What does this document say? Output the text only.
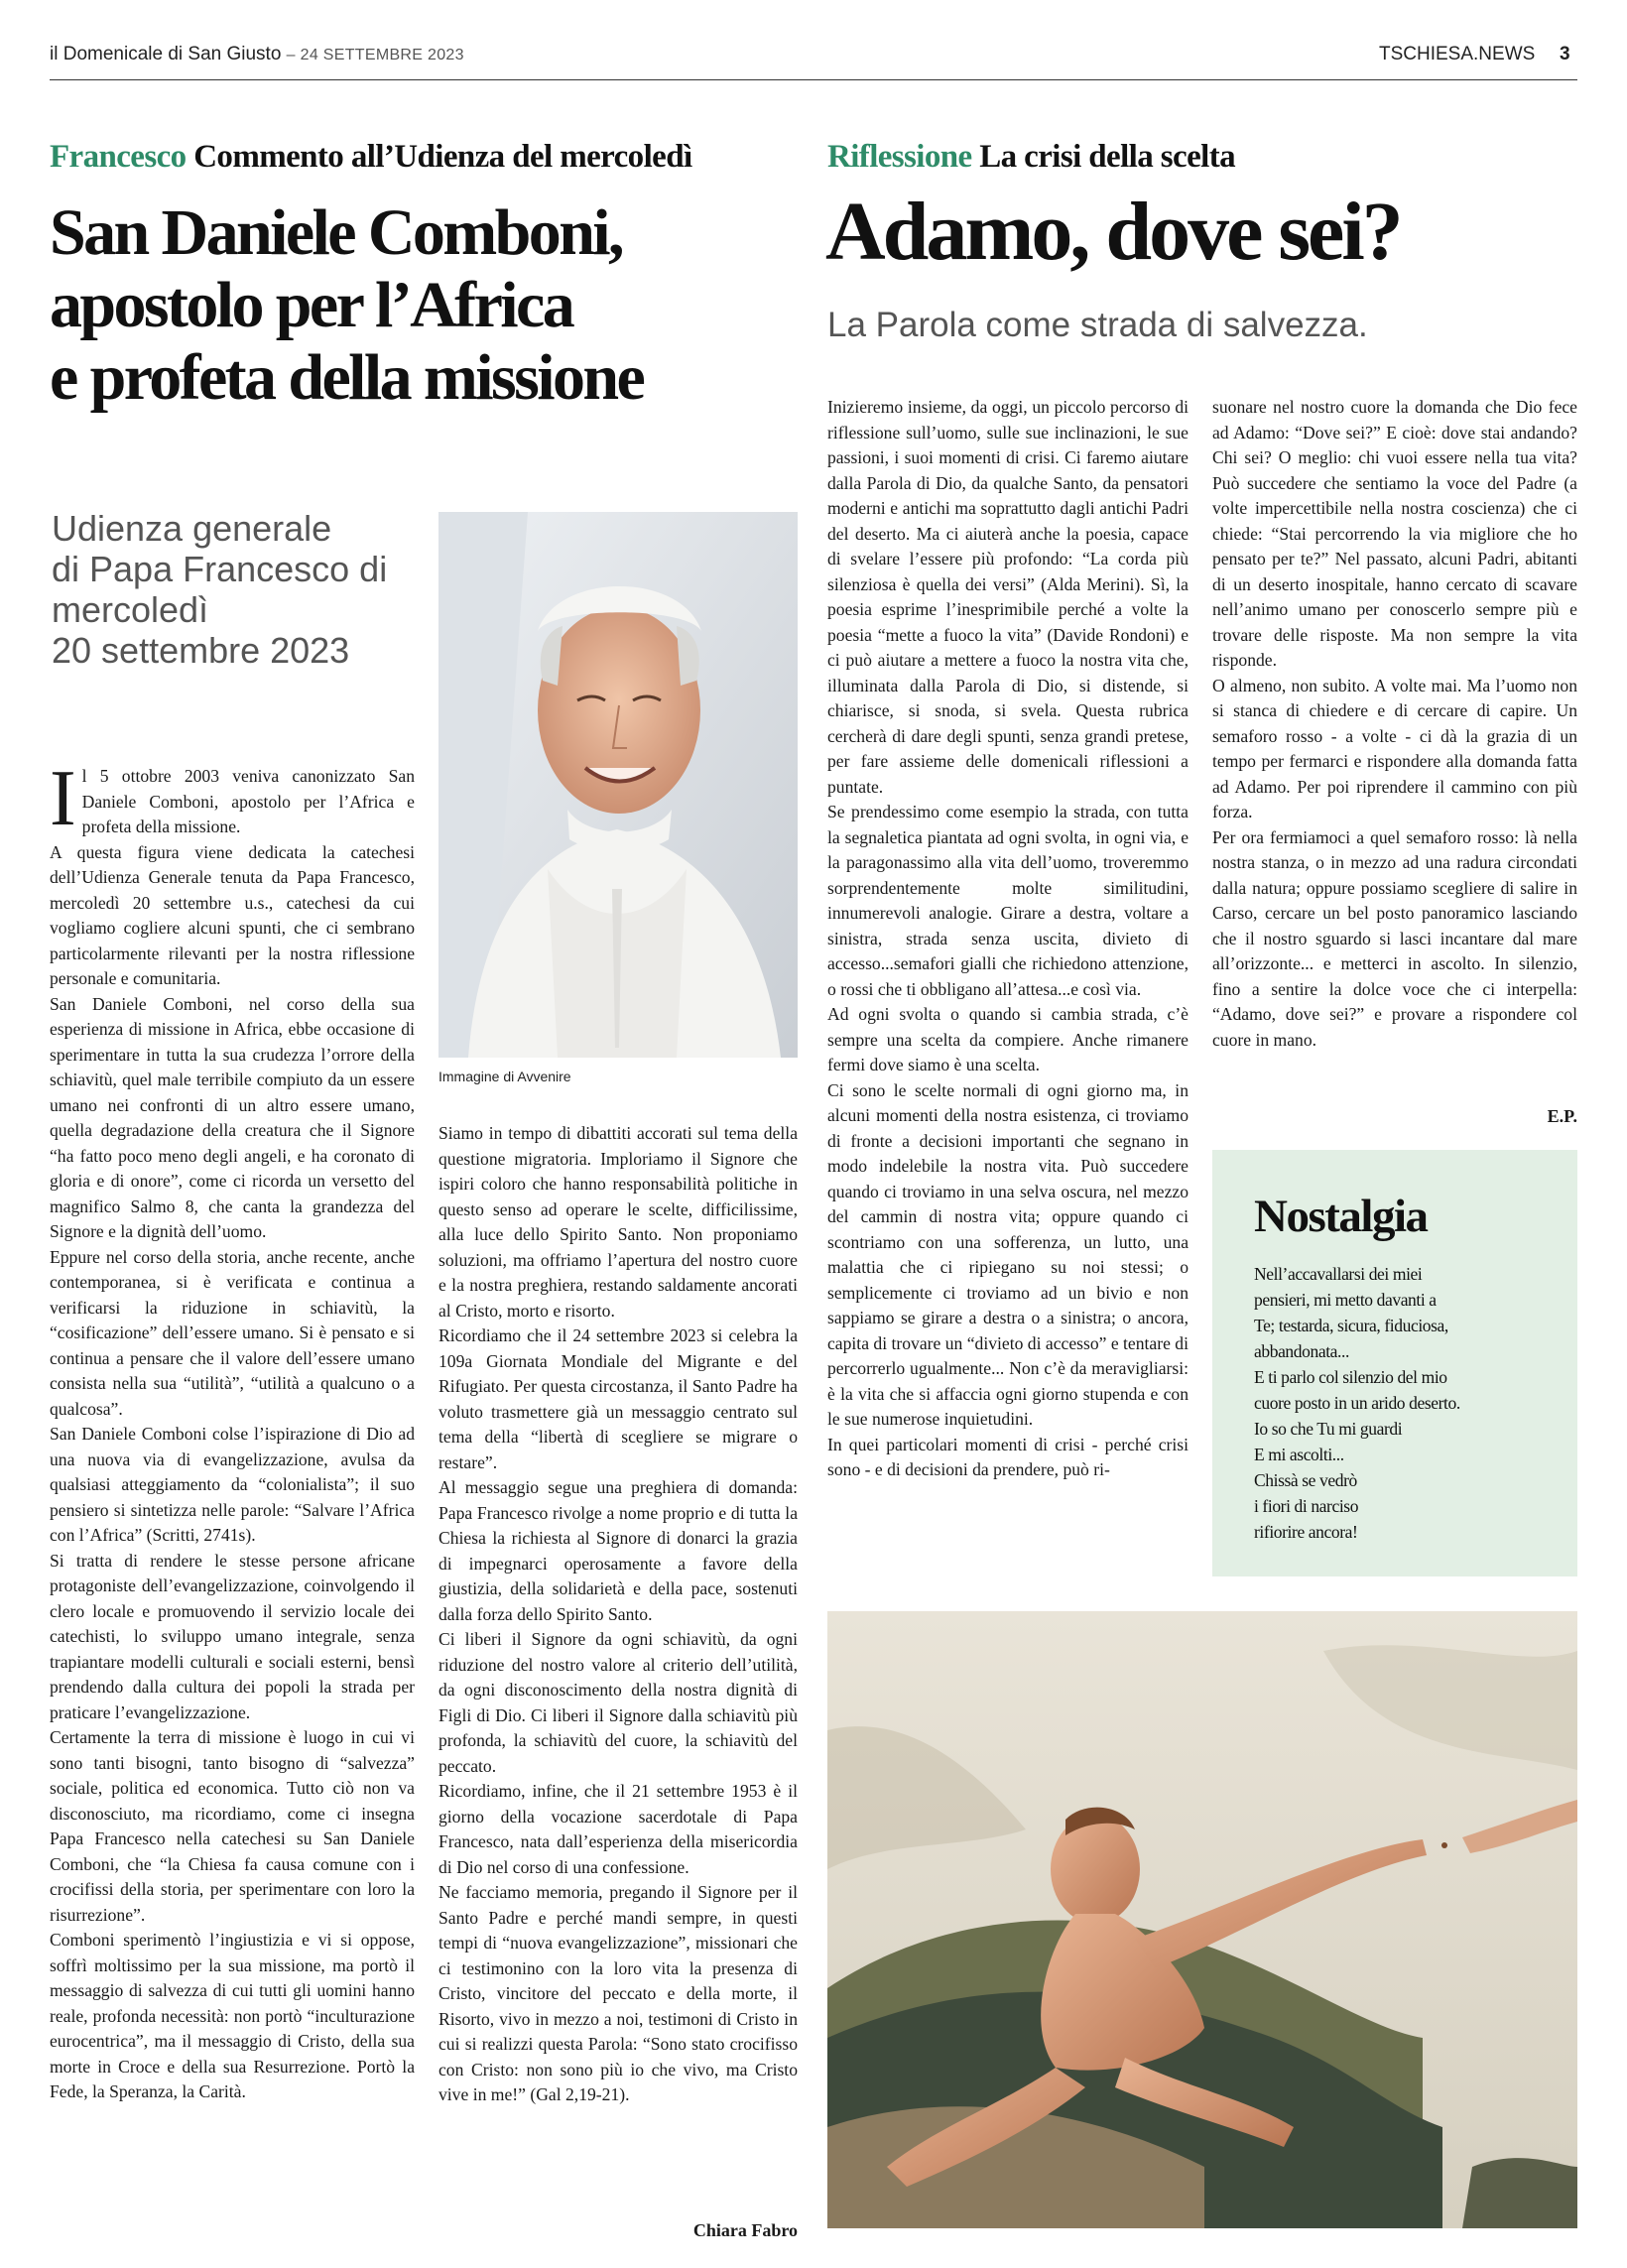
il Domenicale di San Giusto – 24 SETTEMBRE 2023	TSCHIESA.NEWS 3
Francesco Commento all’Udienza del mercoledì
San Daniele Comboni,
apostolo per l’Africa
e profeta della missione
Udienza generale
di Papa Francesco di
mercoledì
20 settembre 2023
Immagine di Avvenire

Il 5 ottobre 2003 veniva canonizzato San Daniele Comboni, apostolo per l’Africa e profeta della missione.

A questa figura viene dedicata la catechesi dell’Udienza Generale tenuta da Papa Francesco, mercoledì 20 settembre u.s., catechesi da cui vogliamo cogliere alcuni spunti, che ci sembrano particolarmente rilevanti per la nostra riflessione personale e comunitaria.

San Daniele Comboni, nel corso della sua esperienza di missione in Africa, ebbe occasione di sperimentare in tutta la sua crudezza l’orrore della schiavitù, quel male terribile compiuto da un essere umano nei confronti di un altro essere umano, quella degradazione della creatura che il Signore “ha fatto poco meno degli angeli, e ha coronato di gloria e di onore”, come ci ricorda un versetto del magnifico Salmo 8, che canta la grandezza del Signore e la dignità dell’uomo.

Eppure nel corso della storia, anche recente, anche contemporanea, si è verificata e continua a verificarsi la riduzione in schiavitù, la “cosificazione” dell’essere umano. Si è pensato e si continua a pensare che il valore dell’essere umano consista nella sua “utilità”, “utilità a qualcuno o a qualcosa”.

San Daniele Comboni colse l’ispirazione di Dio ad una nuova via di evangelizzazione, avulsa da qualsiasi atteggiamento da “colonialista”; il suo pensiero si sintetizza nelle parole: “Salvare l’Africa con l’Africa” (Scritti, 2741s).

Si tratta di rendere le stesse persone africane protagoniste dell’evangelizzazione, coinvolgendo il clero locale e promuovendo il servizio locale dei catechisti, lo sviluppo umano integrale, senza trapiantare modelli culturali e sociali esterni, bensì prendendo dalla cultura dei popoli la strada per praticare l’evangelizzazione.

Certamente la terra di missione è luogo in cui vi sono tanti bisogni, tanto bisogno di “salvezza” sociale, politica ed economica. Tutto ciò non va disconosciuto, ma ricordiamo, come ci insegna Papa Francesco nella catechesi su San Daniele Comboni, che “la Chiesa fa causa comune con i crocifissi della storia, per sperimentare con loro la risurrezione”.

Comboni sperimentò l’ingiustizia e vi si oppose, soffrì moltissimo per la sua missione, ma portò il messaggio di salvezza di cui tutti gli uomini hanno reale, profonda necessità: non portò “inculturazione eurocentrica”, ma il messaggio di Cristo, della sua morte in Croce e della sua Resurrezione. Portò la Fede, la Speranza, la Carità.

Siamo in tempo di dibattiti accorati sul tema della questione migratoria. Imploriamo il Signore che ispiri coloro che hanno responsabilità politiche in questo senso ad operare le scelte, difficilissime, alla luce dello Spirito Santo. Non proponiamo soluzioni, ma offriamo l’apertura del nostro cuore e la nostra preghiera, restando saldamente ancorati al Cristo, morto e risorto.

Ricordiamo che il 24 settembre 2023 si celebra la 109a Giornata Mondiale del Migrante e del Rifugiato. Per questa circostanza, il Santo Padre ha voluto trasmettere già un messaggio centrato sul tema della “libertà di scegliere se migrare o restare”.

Al messaggio segue una preghiera di domanda: Papa Francesco rivolge a nome proprio e di tutta la Chiesa la richiesta al Signore di donarci la grazia di impegnarci operosamente a favore della giustizia, della solidarietà e della pace, sostenuti dalla forza dello Spirito Santo.

Ci liberi il Signore da ogni schiavitù, da ogni riduzione del nostro valore al criterio dell’utilità, da ogni disconoscimento della nostra dignità di Figli di Dio. Ci liberi il Signore dalla schiavitù più profonda, la schiavitù del cuore, la schiavitù del peccato.

Ricordiamo, infine, che il 21 settembre 1953 è il giorno della vocazione sacerdotale di Papa Francesco, nata dall’esperienza della misericordia di Dio nel corso di una confessione.

Ne facciamo memoria, pregando il Signore per il Santo Padre e perché mandi sempre, in questi tempi di “nuova evangelizzazione”, missionari che ci testimonino con la loro vita la presenza di Cristo, vincitore del peccato e della morte, il Risorto, vivo in mezzo a noi, testimoni di Cristo in cui si realizzi questa Parola: “Sono stato crocifisso con Cristo: non sono più io che vivo, ma Cristo vive in me!” (Gal 2,19-21).

Chiara Fabro
Riflessione La crisi della scelta
Adamo, dove sei?
La Parola come strada di salvezza.

Inizieremo insieme, da oggi, un piccolo percorso di riflessione sull’uomo, sulle sue inclinazioni, le sue passioni, i suoi momenti di crisi. Ci faremo aiutare dalla Parola di Dio, da qualche Santo, da pensatori moderni e antichi ma soprattutto dagli antichi Padri del deserto. Ma ci aiuterà anche la poesia, capace di svelare l’essere più profondo: “La corda più silenziosa è quella dei versi” (Alda Merini). Sì, la poesia esprime l’inesprimibile perché a volte la poesia “mette a fuoco la vita” (Davide Rondoni) e ci può aiutare a mettere a fuoco la nostra vita che, illuminata dalla Parola di Dio, si distende, si chiarisce, si snoda, si svela. Questa rubrica cercherà di dare degli spunti, senza grandi pretese, per fare assieme delle domenicali riflessioni a puntate.

Se prendessimo come esempio la strada, con tutta la segnaletica piantata ad ogni svolta, in ogni via, e la paragonassimo alla vita dell’uomo, troveremmo sorprendentemente molte similitudini, innumerevoli analogie. Girare a destra, voltare a sinistra, strada senza uscita, divieto di accesso...semafori gialli che richiedono attenzione, o rossi che ti obbligano all’attesa...e così via.

Ad ogni svolta o quando si cambia strada, c’è sempre una scelta da compiere. Anche rimanere fermi dove siamo è una scelta.

Ci sono le scelte normali di ogni giorno ma, in alcuni momenti della nostra esistenza, ci troviamo di fronte a decisioni importanti che segnano in modo indelebile la nostra vita. Può succedere quando ci troviamo in una selva oscura, nel mezzo del cammin di nostra vita; oppure quando ci scontriamo con una sofferenza, un lutto, una malattia che ci ripiegano su noi stessi; o semplicemente ci troviamo ad un bivio e non sappiamo se girare a destra o a sinistra; o ancora, capita di trovare un “divieto di accesso” e tentare di percorrerlo ugualmente... Non c’è da meravigliarsi: è la vita che si affaccia ogni giorno stupenda e con le sue numerose inquietudini.

In quei particolari momenti di crisi - perché crisi sono - e di decisioni da prendere, può ri-

suonare nel nostro cuore la domanda che Dio fece ad Adamo: “Dove sei?” E cioè: dove stai andando? Chi sei? O meglio: chi vuoi essere nella tua vita? Può succedere che sentiamo la voce del Padre (a volte impercettibile nella nostra coscienza) che ci chiede: “Stai percorrendo la via migliore che ho pensato per te?” Nel passato, alcuni Padri, abitanti di un deserto inospitale, hanno cercato di scavare nell’animo umano per conoscerlo sempre più e trovare delle risposte. Ma non sempre la vita risponde.

O almeno, non subito. A volte mai. Ma l’uomo non si stanca di chiedere e di cercare di capire. Un semaforo rosso - a volte - ci dà la grazia di un tempo per fermarci e rispondere alla domanda fatta ad Adamo. Per poi riprendere il cammino con più forza.

Per ora fermiamoci a quel semaforo rosso: là nella nostra stanza, o in mezzo ad una radura circondati dalla natura; oppure possiamo scegliere di salire in Carso, cercare un bel posto panoramico lasciando che il nostro sguardo si lasci incantare dal mare all’orizzonte... e metterci in ascolto. In silenzio, fino a sentire la dolce voce che ci interpella: “Adamo, dove sei?” e provare a rispondere col cuore in mano.

E.P.
Nostalgia
Nell’accavallarsi dei miei
pensieri, mi metto davanti a
Te; testarda, sicura, fiduciosa,
abbandonata...
E ti parlo col silenzio del mio
cuore posto in un arido deserto.
Io so che Tu mi guardi
E mi ascolti...
Chissà se vedrò
i fiori di narciso
rifiorire ancora!
